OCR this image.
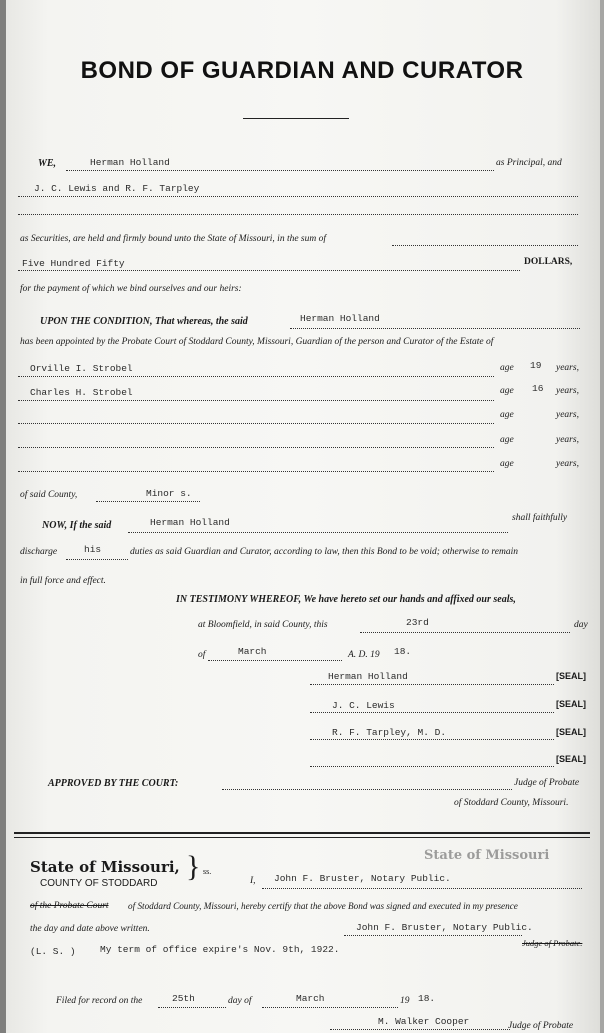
BOND OF GUARDIAN AND CURATOR
WE,	Herman Holland	as Principal, and
J. C. Lewis and R. F. Tarpley
as Securities, are held and firmly bound unto the State of Missouri, in the sum of
Five Hundred Fifty	DOLLARS,
for the payment of which we bind ourselves and our heirs:
UPON THE CONDITION, That whereas, the said	Herman Holland
has been appointed by the Probate Court of Stoddard County, Missouri, Guardian of the person and Curator of the Estate of
Orville I. Strobel	age 19 years,
Charles H. Strobel	age 16 years,
age	years,
age	years,
age	years,
of said County,	Minor s.
NOW, If the said	Herman Holland	shall faithfully
discharge	his	duties as said Guardian and Curator, according to law, then this Bond to be void; otherwise to remain
in full force and effect.
IN TESTIMONY WHEREOF, We have hereto set our hands and affixed our seals,
at Bloomfield, in said County, this	23rd	day
of	March	A. D. 19 18.
Herman Holland	[SEAL]
J. C. Lewis	[SEAL]
R. F. Tarpley, M. D.	[SEAL]
[SEAL]
APPROVED BY THE COURT:	Judge of Probate
of Stoddard County, Missouri.
State of Missouri, } ss.
COUNTY OF STODDARD
State of Missouri
I, John F. Bruster, Notary Public.
of the Probate Court of Stoddard County, Missouri, hereby certify that the above Bond was signed and executed in my presence
the day and date above written.	John F. Bruster, Notary Public.
Judge of Probate.
(L. S. )	My term of office expire's Nov. 9th, 1922.
Filed for record on the	25th	day of	March	19 18.
M. Walker Cooper	Judge of Probate
